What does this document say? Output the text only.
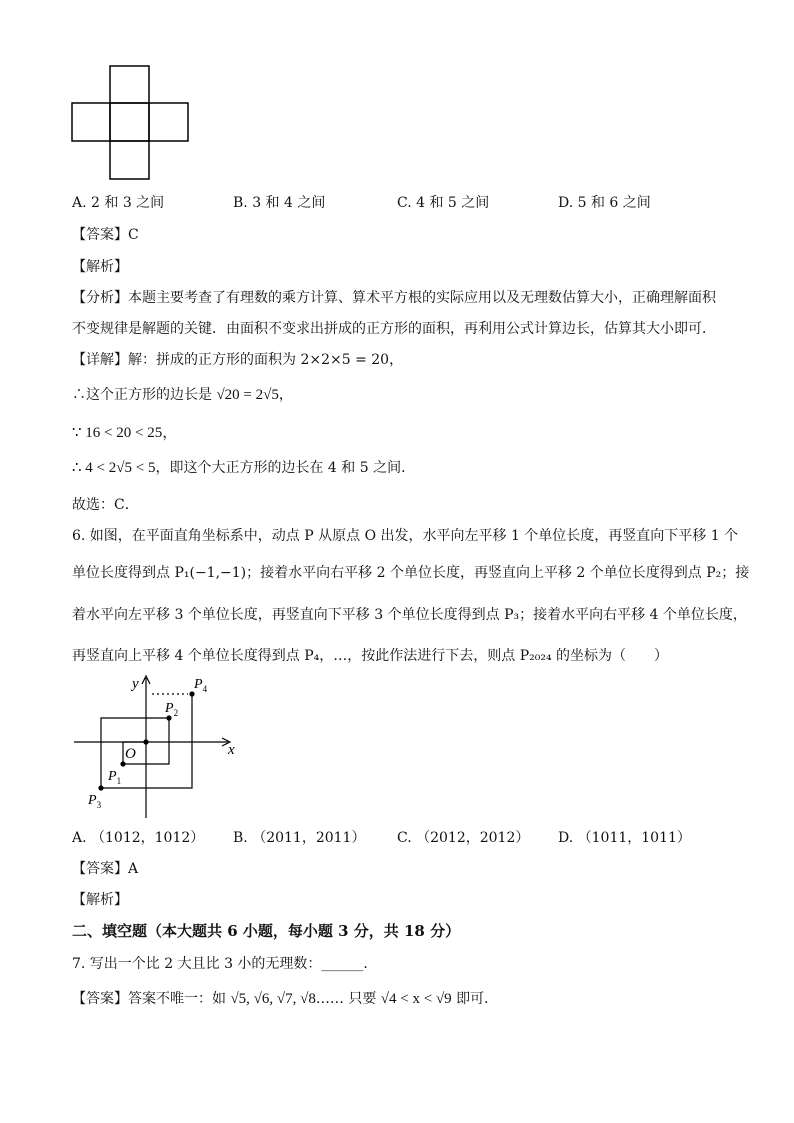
A. 2 和 3 之间	B. 3 和 4 之间	C. 4 和 5 之间	D. 5 和 6 之间
【答案】C
【解析】
【分析】本题主要考查了有理数的乘方计算、算术平方根的实际应用以及无理数估算大小，正确理解面积
不变规律是解题的关键．由面积不变求出拼成的正方形的面积，再利用公式计算边长，估算其大小即可．
【详解】解：拼成的正方形的面积为 2×2×5 = 20，
∴这个正方形的边长是 √20 = 2√5，
∵ 16 < 20 < 25，
∴ 4 < 2√5 < 5，即这个大正方形的边长在 4 和 5 之间．
故选：C．
6. 如图，在平面直角坐标系中，动点 P 从原点 O 出发，水平向左平移 1 个单位长度，再竖直向下平移 1 个
单位长度得到点 P₁(−1,−1)；接着水平向右平移 2 个单位长度，再竖直向上平移 2 个单位长度得到点 P₂；接
着水平向左平移 3 个单位长度，再竖直向下平移 3 个单位长度得到点 P₃；接着水平向右平移 4 个单位长度，
再竖直向上平移 4 个单位长度得到点 P₄，…，按此作法进行下去，则点 P₂₀₂₄ 的坐标为（　　）
x
y
O
$P_1$
$P_2$
$P_3$
$P_4$
A. （1012，1012） B. （2011，2011） C. （2012，2012） D. （1011，1011）
【答案】A
【解析】
二、填空题（本大题共 6 小题，每小题 3 分，共 18 分）
7. 写出一个比 2 大且比 3 小的无理数：______．
【答案】答案不唯一：如 √5, √6, √7, √8…… 只要 √4 < x < √9 即可．
